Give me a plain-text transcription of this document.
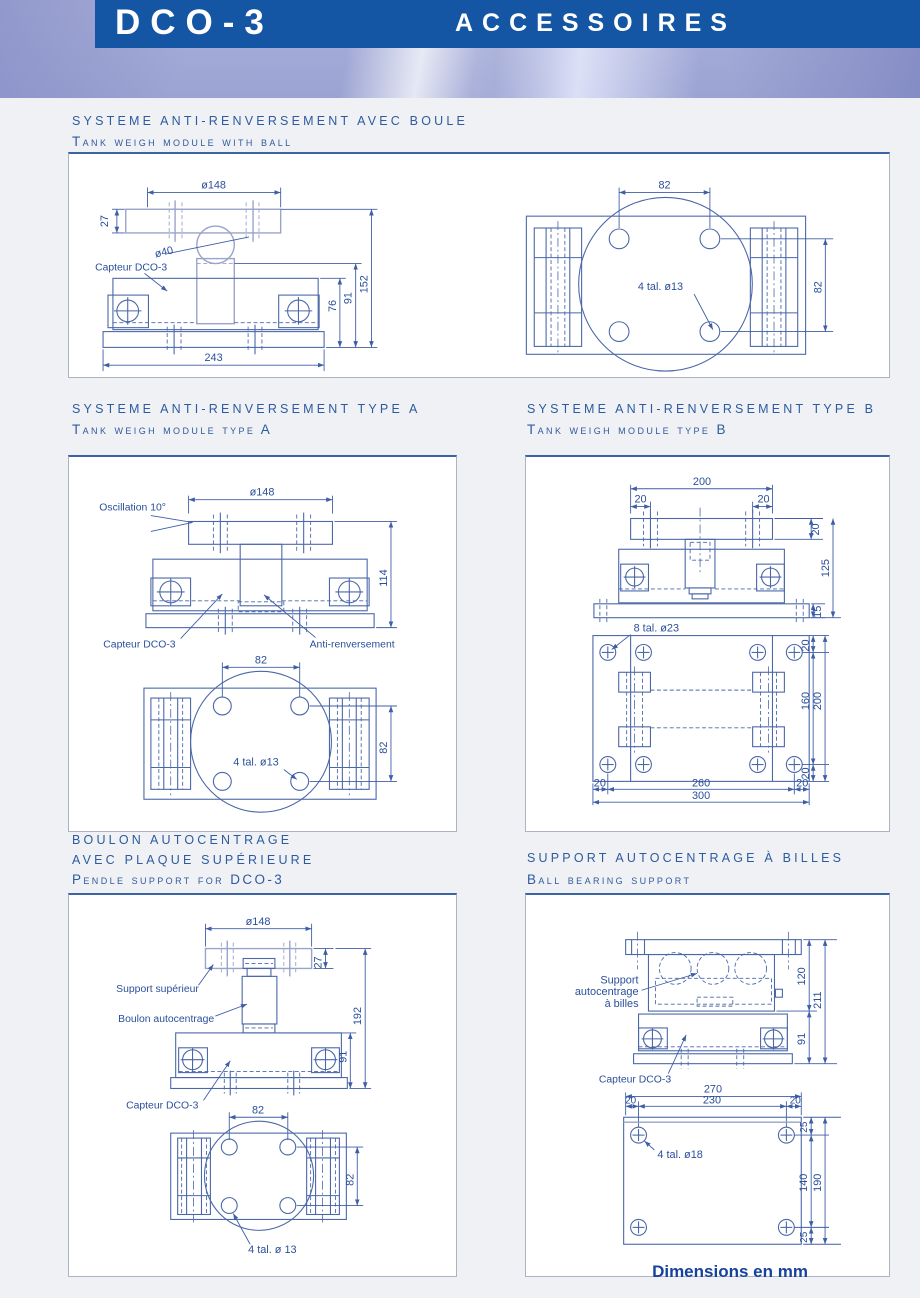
DCO-3	ACCESSOIRES
SYSTEME ANTI-RENVERSEMENT AVEC BOULE
Tank weigh module with ball
ø148
27
ø40
243
76
91
152
Capteur DCO-3
82
82
4 tal. ø13
SYSTEME ANTI-RENVERSEMENT TYPE A
Tank weigh module type A
SYSTEME ANTI-RENVERSEMENT TYPE B
Tank weigh module type B
Oscillation 10°
ø148
114
Capteur DCO-3	Anti-renversement
82
82
4 tal. ø13
200
20	20
20
15
125
8 tal. ø23
20
160
20
200
20	260	20
300
BOULON AUTOCENTRAGE
AVEC PLAQUE SUPÉRIEURE
Pendle support for DCO-3
SUPPORT AUTOCENTRAGE À BILLES
Ball bearing support
ø148
27
192
91
Support supérieur
Boulon autocentrage
Capteur DCO-3	82
82
4 tal. ø 13
120
91
211
Support
autocentrage
à billes
Capteur DCO-3
270
20	230	20
4 tal. ø18
25
140
25
190
Dimensions en mm
